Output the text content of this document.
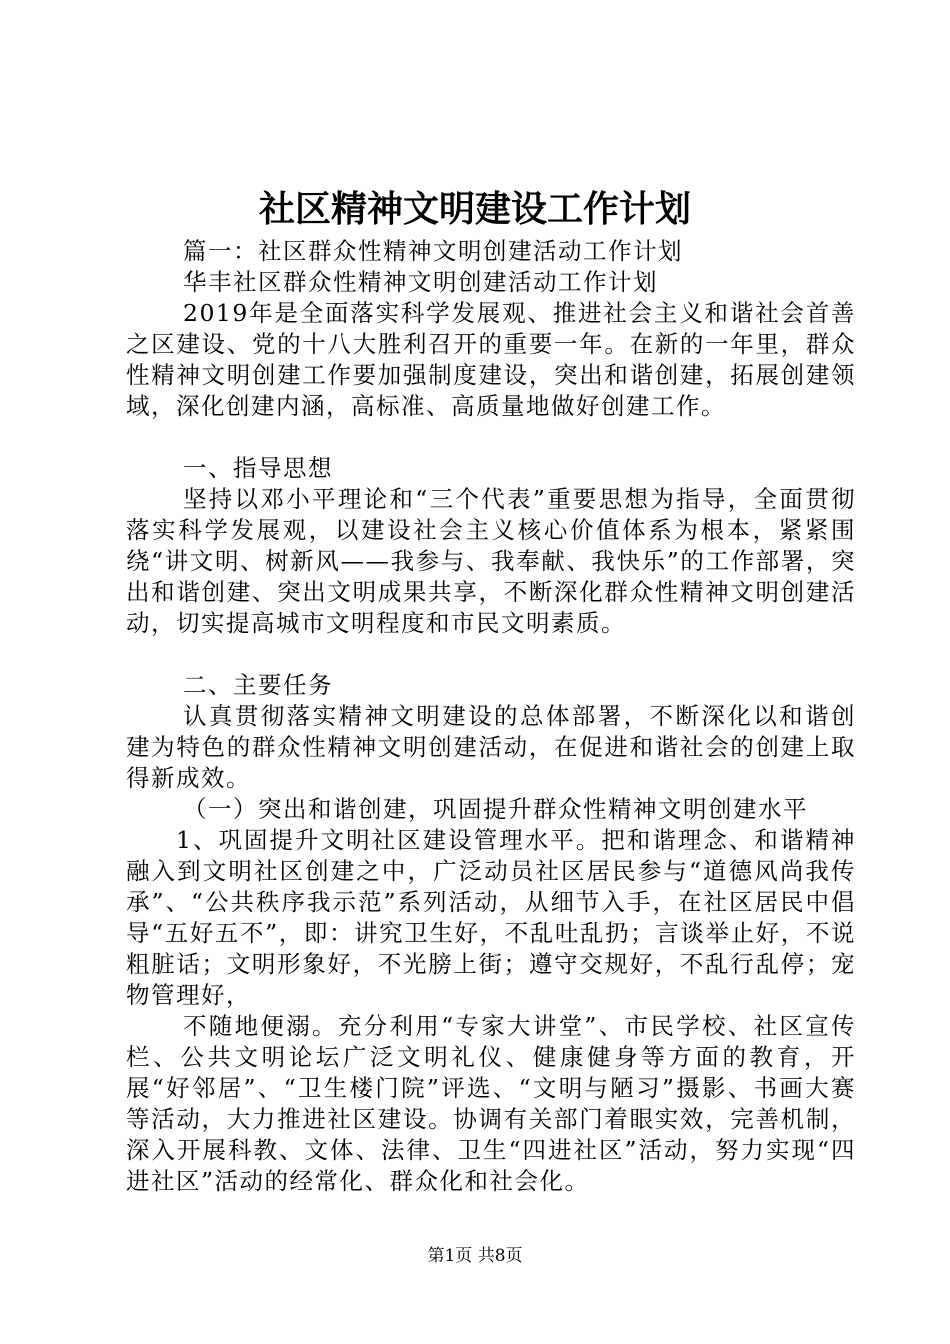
社区精神文明建设工作计划

篇一：社区群众性精神文明创建活动工作计划

华丰社区群众性精神文明创建活动工作计划

2019年是全面落实科学发展观、推进社会主义和谐社会首善之区建设、党的十八大胜利召开的重要一年。在新的一年里，群众性精神文明创建工作要加强制度建设，突出和谐创建，拓展创建领域，深化创建内涵，高标准、高质量地做好创建工作。

一、指导思想

坚持以邓小平理论和“三个代表”重要思想为指导，全面贯彻落实科学发展观，以建设社会主义核心价值体系为根本，紧紧围绕“讲文明、树新风——我参与、我奉献、我快乐”的工作部署，突出和谐创建、突出文明成果共享，不断深化群众性精神文明创建活动，切实提高城市文明程度和市民文明素质。

二、主要任务

认真贯彻落实精神文明建设的总体部署，不断深化以和谐创建为特色的群众性精神文明创建活动，在促进和谐社会的创建上取得新成效。

（一）突出和谐创建，巩固提升群众性精神文明创建水平

1、巩固提升文明社区建设管理水平。把和谐理念、和谐精神融入到文明社区创建之中，广泛动员社区居民参与“道德风尚我传承”、“公共秩序我示范”系列活动，从细节入手，在社区居民中倡导“五好五不”，即：讲究卫生好，不乱吐乱扔；言谈举止好，不说粗脏话；文明形象好，不光膀上街；遵守交规好，不乱行乱停；宠物管理好，

不随地便溺。充分利用“专家大讲堂”、市民学校、社区宣传栏、公共文明论坛广泛文明礼仪、健康健身等方面的教育，开展“好邻居”、“卫生楼门院”评选、“文明与陋习”摄影、书画大赛等活动，大力推进社区建设。协调有关部门着眼实效，完善机制，深入开展科教、文体、法律、卫生“四进社区”活动，努力实现“四进社区”活动的经常化、群众化和社会化。

第1页 共8页
